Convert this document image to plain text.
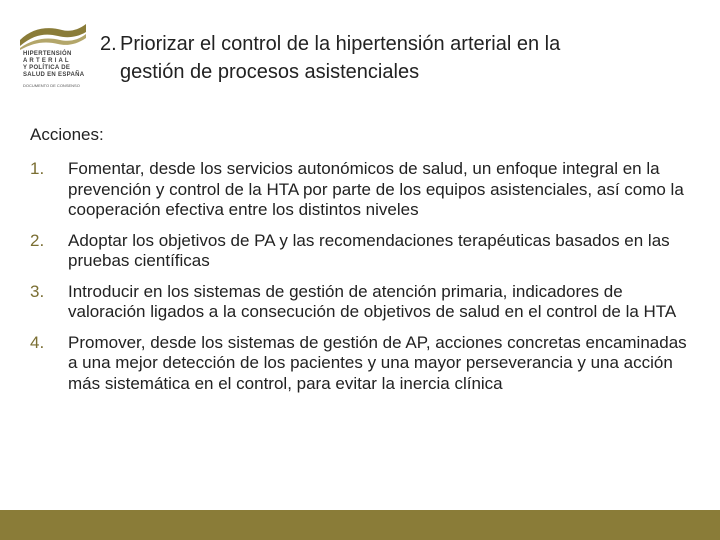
HIPERTENSIÓN
A R T E R I A L
Y POLÍTICA DE
SALUD EN ESPAÑA
DOCUMENTO DE CONSENSO
2. Priorizar el control de la hipertensión arterial en la
gestión de procesos asistenciales
Acciones:
1. Fomentar, desde los servicios autonómicos de salud, un enfoque integral en la prevención y control de la HTA por parte de los equipos asistenciales, así como la cooperación efectiva entre los distintos niveles
2. Adoptar los objetivos de PA y las recomendaciones terapéuticas basados en las pruebas científicas
3. Introducir en los sistemas de gestión de atención primaria, indicadores de valoración ligados a la consecución de objetivos de salud en el control de la HTA
4. Promover, desde los sistemas de gestión de AP, acciones concretas encaminadas a una mejor detección de los pacientes y una mayor perseverancia y una acción más sistemática en el control, para evitar la inercia clínica
